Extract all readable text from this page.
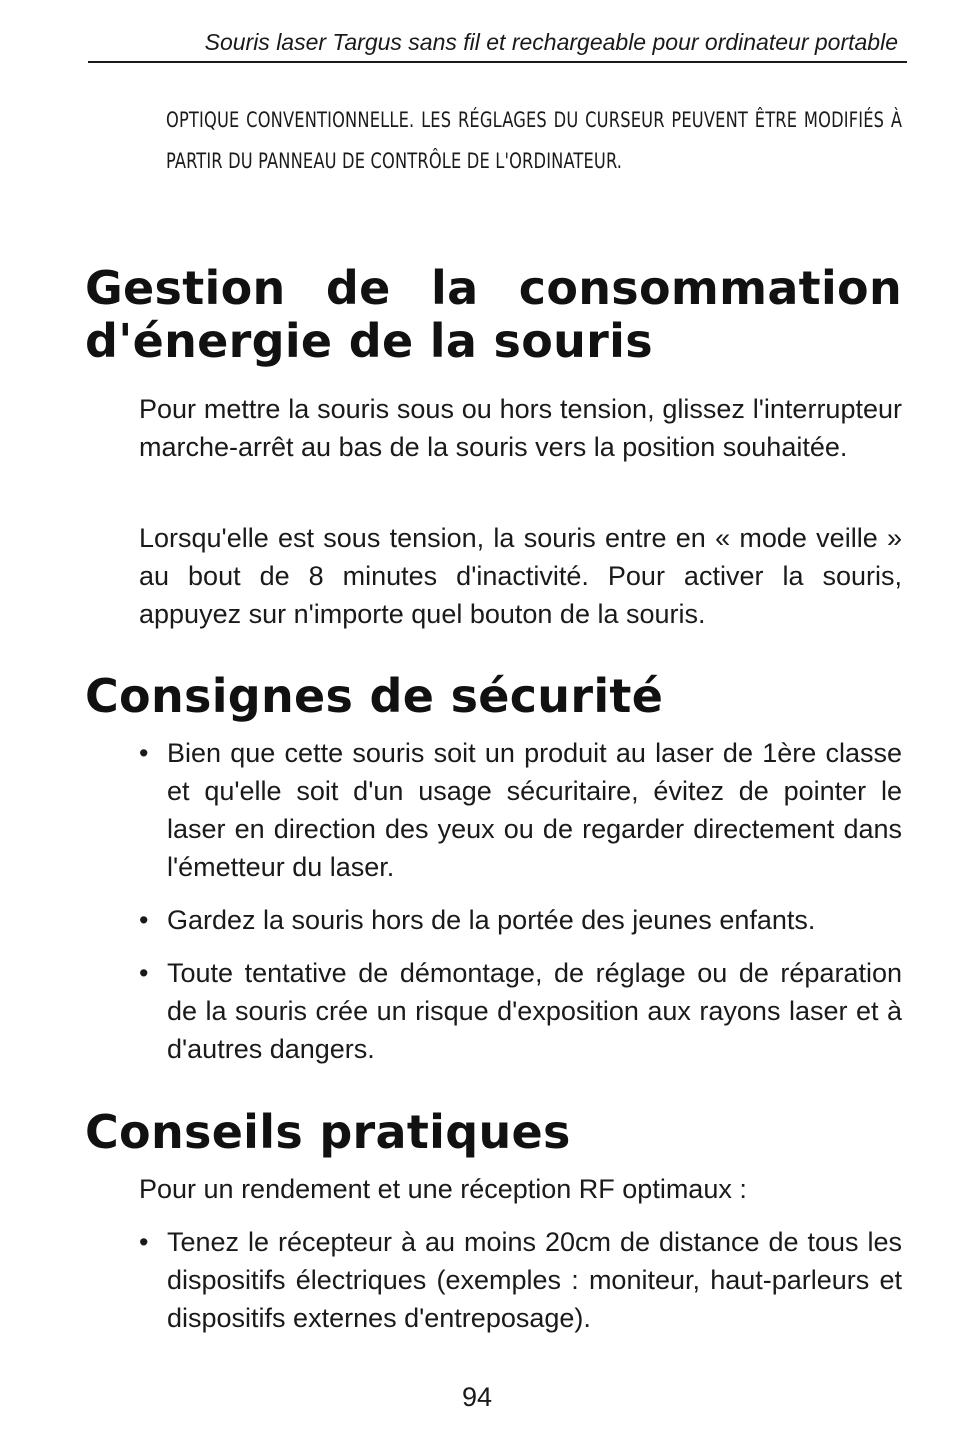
Souris laser Targus sans fil et rechargeable pour ordinateur portable
OPTIQUE CONVENTIONNELLE. LES RÉGLAGES DU CURSEUR PEUVENT ÊTRE MODIFIÉS À PARTIR DU PANNEAU DE CONTRÔLE DE L'ORDINATEUR.
Gestion de la consommation d'énergie de la souris
Pour mettre la souris sous ou hors tension, glissez l'interrupteur marche-arrêt au bas de la souris vers la position souhaitée.
Lorsqu'elle est sous tension, la souris entre en « mode veille » au bout de 8 minutes d'inactivité. Pour activer la souris, appuyez sur n'importe quel bouton de la souris.
Consignes de sécurité
• Bien que cette souris soit un produit au laser de 1ère classe et qu'elle soit d'un usage sécuritaire, évitez de pointer le laser en direction des yeux ou de regarder directement dans l'émetteur du laser.
• Gardez la souris hors de la portée des jeunes enfants.
• Toute tentative de démontage, de réglage ou de réparation de la souris crée un risque d'exposition aux rayons laser et à d'autres dangers.
Conseils pratiques
Pour un rendement et une réception RF optimaux :
• Tenez le récepteur à au moins 20cm de distance de tous les dispositifs électriques (exemples : moniteur, haut-parleurs et dispositifs externes d'entreposage).
94
